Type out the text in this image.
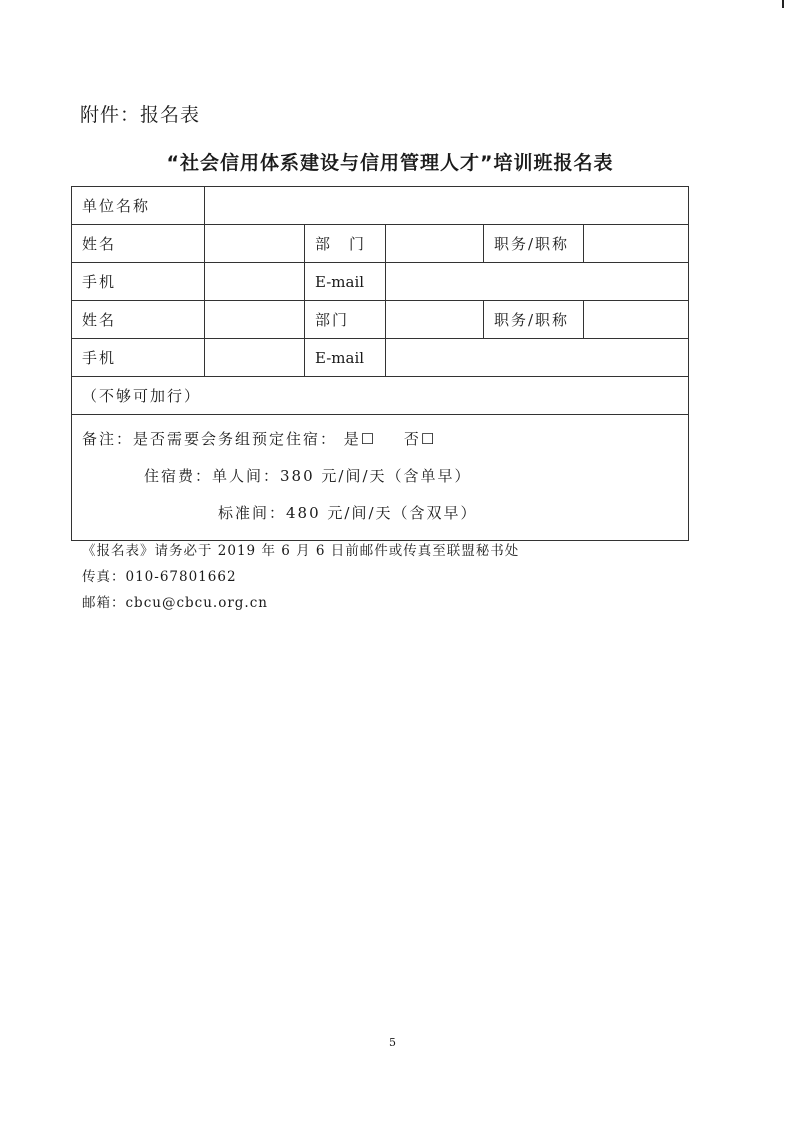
附件：报名表
“社会信用体系建设与信用管理人才”培训班报名表
单位名称					
姓名		部　门		职务/职称	
手机		E-mail			
姓名		部门		职务/职称	
手机		E-mail			
（不够可加行）					

备注：是否需要会务组预定住宿： 是☐ 否☐
住宿费：单人间：380 元/间/天（含单早）
标准间：480 元/间/天（含双早）					
《报名表》请务必于 2019 年 6 月 6 日前邮件或传真至联盟秘书处
传真：010-67801662
邮箱：cbcu@cbcu.org.cn
5
